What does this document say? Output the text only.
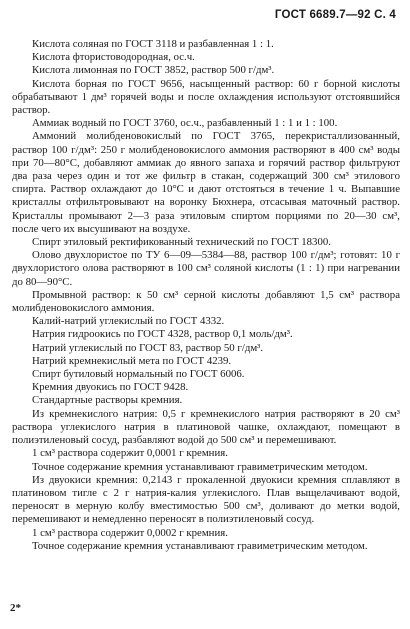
ГОСТ 6689.7—92 С. 4

Кислота соляная по ГОСТ 3118 и разбавленная 1 : 1.

Кислота фтористоводородная, ос.ч.

Кислота лимонная по ГОСТ 3852, раствор 500 г/дм³.

Кислота борная по ГОСТ 9656, насыщенный раствор: 60 г борной кислоты обрабатывают 1 дм³ горячей воды и после охлаждения используют отстоявшийся раствор.

Аммиак водный по ГОСТ 3760, ос.ч., разбавленный 1 : 1 и 1 : 100.

Аммоний молибденовокислый по ГОСТ 3765, перекристаллизованный, раствор 100 г/дм³: 250 г молибденовокислого аммония растворяют в 400 см³ воды при 70—80°С, добавляют аммиак до явного запаха и горячий раствор фильтруют два раза через один и тот же фильтр в стакан, содержащий 300 см³ этилового спирта. Раствор охлаждают до 10°С и дают отстояться в течение 1 ч. Выпавшие кристаллы отфильтровывают на воронку Бюхнера, отсасывая маточный раствор. Кристаллы промывают 2—3 раза этиловым спиртом порциями по 20—30 см³, после чего их высушивают на воздухе.

Спирт этиловый ректификованный технический по ГОСТ 18300.

Олово двухлористое по ТУ 6—09—5384—88, раствор 100 г/дм³; готовят: 10 г двухлористого олова растворяют в 100 см³ соляной кислоты (1 : 1) при нагревании до 80—90°С.

Промывной раствор: к 50 см³ серной кислоты добавляют 1,5 см³ раствора молибденовокислого аммония.

Калий-натрий углекислый по ГОСТ 4332.

Натрия гидроокись по ГОСТ 4328, раствор 0,1 моль/дм³.

Натрий углекислый по ГОСТ 83, раствор 50 г/дм³.

Натрий кремнекислый мета по ГОСТ 4239.

Спирт бутиловый нормальный по ГОСТ 6006.

Кремния двуокись по ГОСТ 9428.

Стандартные растворы кремния.

Из кремнекислого натрия: 0,5 г кремнекислого натрия растворяют в 20 см³ раствора углекислого натрия в платиновой чашке, охлаждают, помещают в полиэтиленовый сосуд, разбавляют водой до 500 см³ и перемешивают.

1 см³ раствора содержит 0,0001 г кремния.

Точное содержание кремния устанавливают гравиметрическим методом.

Из двуокиси кремния: 0,2143 г прокаленной двуокиси кремния сплавляют в платиновом тигле с 2 г натрия-калия углекислого. Плав выщелачивают водой, переносят в мерную колбу вместимостью 500 см³, доливают до метки водой, перемешивают и немедленно переносят в полиэтиленовый сосуд.

1 см³ раствора содержит 0,0002 г кремния.

Точное содержание кремния устанавливают гравиметрическим методом.

2*
